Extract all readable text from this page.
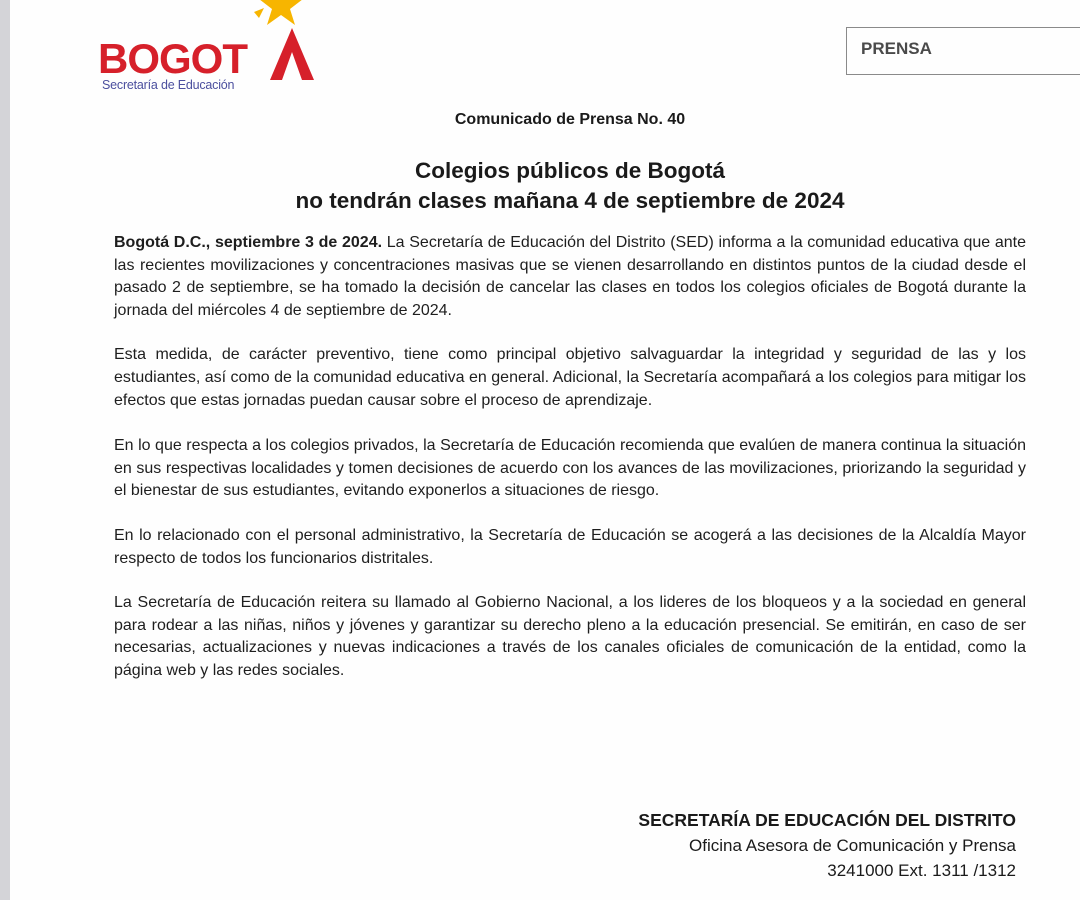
BOGOT
Secretaría de Educación
PRENSA
Comunicado de Prensa No. 40
Colegios públicos de Bogotá
no tendrán clases mañana 4 de septiembre de 2024

Bogotá D.C., septiembre 3 de 2024. La Secretaría de Educación del Distrito (SED) informa a la comunidad educativa que ante las recientes movilizaciones y concentraciones masivas que se vienen desarrollando en distintos puntos de la ciudad desde el pasado 2 de septiembre, se ha tomado la decisión de cancelar las clases en todos los colegios oficiales de Bogotá durante la jornada del miércoles 4 de septiembre de 2024.

Esta medida, de carácter preventivo, tiene como principal objetivo salvaguardar la integridad y seguridad de las y los estudiantes, así como de la comunidad educativa en general. Adicional, la Secretaría acompañará a los colegios para mitigar los efectos que estas jornadas puedan causar sobre el proceso de aprendizaje.

En lo que respecta a los colegios privados, la Secretaría de Educación recomienda que evalúen de manera continua la situación en sus respectivas localidades y tomen decisiones de acuerdo con los avances de las movilizaciones, priorizando la seguridad y el bienestar de sus estudiantes, evitando exponerlos a situaciones de riesgo.

En lo relacionado con el personal administrativo, la Secretaría de Educación se acogerá a las decisiones de la Alcaldía Mayor respecto de todos los funcionarios distritales.

La Secretaría de Educación reitera su llamado al Gobierno Nacional, a los lideres de los bloqueos y a la sociedad en general para rodear a las niñas, niños y jóvenes y garantizar su derecho pleno a la educación presencial. Se emitirán, en caso de ser necesarias, actualizaciones y nuevas indicaciones a través de los canales oficiales de comunicación de la entidad, como la página web y las redes sociales.

SECRETARÍA DE EDUCACIÓN DEL DISTRITO
Oficina Asesora de Comunicación y Prensa
3241000 Ext. 1311 /1312
